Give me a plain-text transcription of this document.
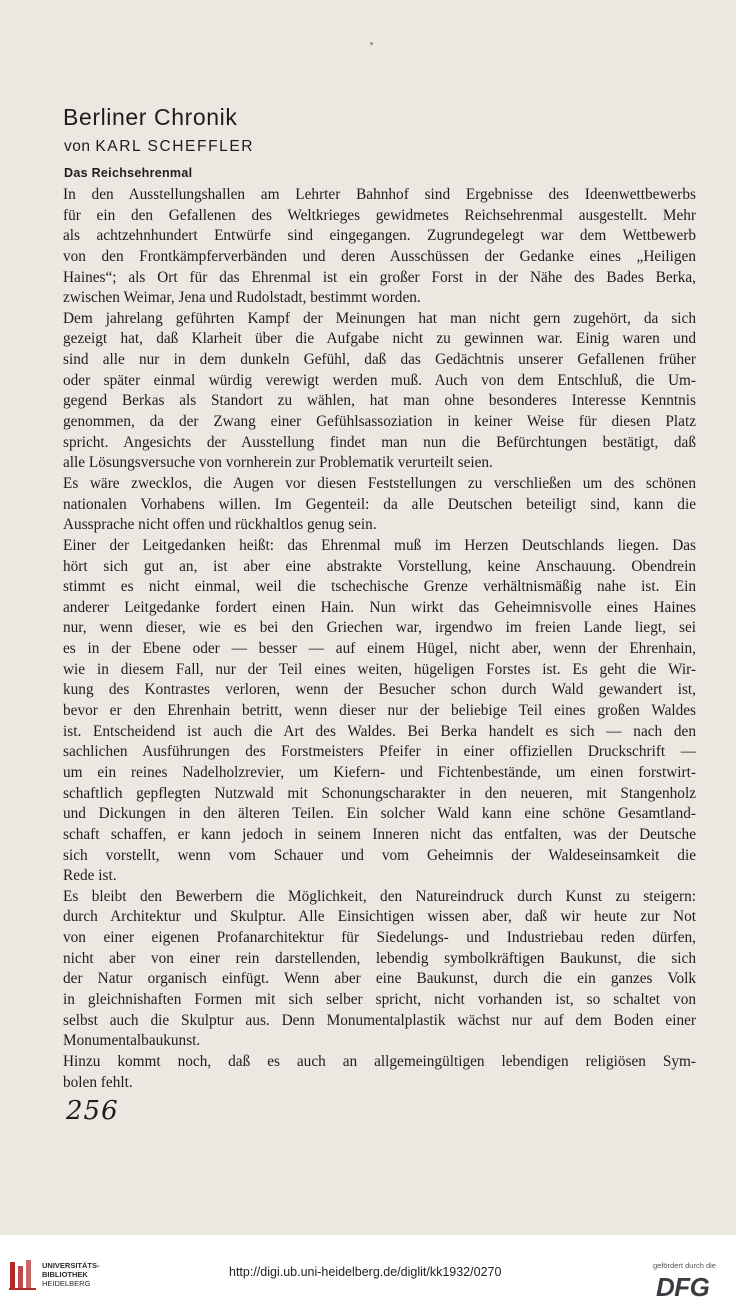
Berliner Chronik
von KARL SCHEFFLER
Das Reichsehrenmal
In den Ausstellungshallen am Lehrter Bahnhof sind Ergebnisse des Ideenwettbewerbs
für ein den Gefallenen des Weltkrieges gewidmetes Reichsehrenmal ausgestellt. Mehr
als achtzehnhundert Entwürfe sind eingegangen. Zugrundegelegt war dem Wettbewerb
von den Frontkämpferverbänden und deren Ausschüssen der Gedanke eines „Heiligen
Haines“; als Ort für das Ehrenmal ist ein großer Forst in der Nähe des Bades Berka,
zwischen Weimar, Jena und Rudolstadt, bestimmt worden.
Dem jahrelang geführten Kampf der Meinungen hat man nicht gern zugehört, da sich
gezeigt hat, daß Klarheit über die Aufgabe nicht zu gewinnen war. Einig waren und
sind alle nur in dem dunkeln Gefühl, daß das Gedächtnis unserer Gefallenen früher
oder später einmal würdig verewigt werden muß. Auch von dem Entschluß, die Um-
gegend Berkas als Standort zu wählen, hat man ohne besonderes Interesse Kenntnis
genommen, da der Zwang einer Gefühlsassoziation in keiner Weise für diesen Platz
spricht. Angesichts der Ausstellung findet man nun die Befürchtungen bestätigt, daß
alle Lösungsversuche von vornherein zur Problematik verurteilt seien.
Es wäre zwecklos, die Augen vor diesen Feststellungen zu verschließen um des schönen
nationalen Vorhabens willen. Im Gegenteil: da alle Deutschen beteiligt sind, kann die
Aussprache nicht offen und rückhaltlos genug sein.
Einer der Leitgedanken heißt: das Ehrenmal muß im Herzen Deutschlands liegen. Das
hört sich gut an, ist aber eine abstrakte Vorstellung, keine Anschauung. Obendrein
stimmt es nicht einmal, weil die tschechische Grenze verhältnismäßig nahe ist. Ein
anderer Leitgedanke fordert einen Hain. Nun wirkt das Geheimnisvolle eines Haines
nur, wenn dieser, wie es bei den Griechen war, irgendwo im freien Lande liegt, sei
es in der Ebene oder — besser — auf einem Hügel, nicht aber, wenn der Ehrenhain,
wie in diesem Fall, nur der Teil eines weiten, hügeligen Forstes ist. Es geht die Wir-
kung des Kontrastes verloren, wenn der Besucher schon durch Wald gewandert ist,
bevor er den Ehrenhain betritt, wenn dieser nur der beliebige Teil eines großen Waldes
ist. Entscheidend ist auch die Art des Waldes. Bei Berka handelt es sich — nach den
sachlichen Ausführungen des Forstmeisters Pfeifer in einer offiziellen Druckschrift —
um ein reines Nadelholzrevier, um Kiefern- und Fichtenbestände, um einen forstwirt-
schaftlich gepflegten Nutzwald mit Schonungscharakter in den neueren, mit Stangenholz
und Dickungen in den älteren Teilen. Ein solcher Wald kann eine schöne Gesamtland-
schaft schaffen, er kann jedoch in seinem Inneren nicht das entfalten, was der Deutsche
sich vorstellt, wenn vom Schauer und vom Geheimnis der Waldeseinsamkeit die
Rede ist.
Es bleibt den Bewerbern die Möglichkeit, den Natureindruck durch Kunst zu steigern:
durch Architektur und Skulptur. Alle Einsichtigen wissen aber, daß wir heute zur Not
von einer eigenen Profanarchitektur für Siedelungs- und Industriebau reden dürfen,
nicht aber von einer rein darstellenden, lebendig symbolkräftigen Baukunst, die sich
der Natur organisch einfügt. Wenn aber eine Baukunst, durch die ein ganzes Volk
in gleichnishaften Formen mit sich selber spricht, nicht vorhanden ist, so schaltet von
selbst auch die Skulptur aus. Denn Monumentalplastik wächst nur auf dem Boden einer
Monumentalbaukunst.
Hinzu kommt noch, daß es auch an allgemeingültigen lebendigen religiösen Sym-
bolen fehlt.
256
UNIVERSITÄTS-
BIBLIOTHEK
HEIDELBERG
http://digi.ub.uni-heidelberg.de/diglit/kk1932/0270	gefördert durch die
DFG
